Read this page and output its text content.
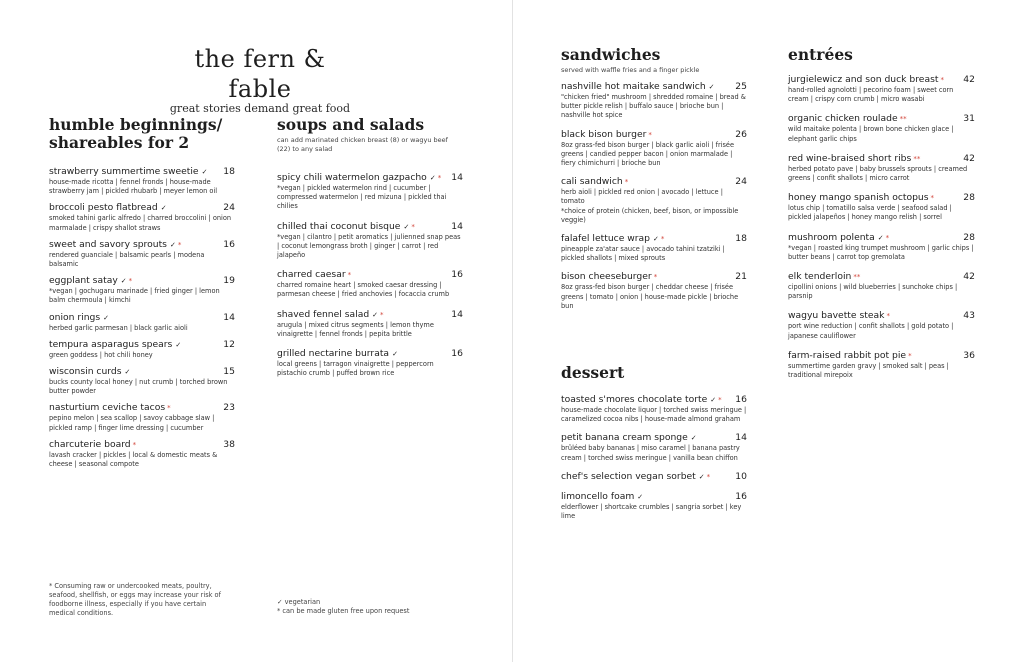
the fern & fable
great stories demand great food
humble beginnings/ shareables for 2
strawberry summertime sweetie ✓ 18
house-made ricotta | fennel fronds | house-made strawberry jam | pickled rhubarb | meyer lemon oil
broccoli pesto flatbread ✓	24
smoked tahini garlic alfredo | charred broccolini | onion marmalade | crispy shallot straws
sweet and savory sprouts ✓ *	16
rendered guanciale | balsamic pearls | modena balsamic
eggplant satay ✓ *	19
*vegan | gochugaru marinade | fried ginger | lemon balm chermoula | kimchi
onion rings ✓	14
herbed garlic parmesan | black garlic aioli
tempura asparagus spears ✓	12
green goddess | hot chili honey
wisconsin curds ✓	15
bucks county local honey | nut crumb | torched brown butter powder
nasturtium ceviche tacos *	23
pepino melon | sea scallop | savoy cabbage slaw | pickled ramp | finger lime dressing | cucumber
charcuterie board *	38
lavash cracker | pickles | local & domestic meats & cheese | seasonal compote
soups and salads
can add marinated chicken breast (8) or wagyu beef (22) to any salad
spicy chili watermelon gazpacho ✓ * 14
*vegan | pickled watermelon rind | cucumber | compressed watermelon | red mizuna | pickled thai chilies
chilled thai coconut bisque ✓ *	14
*vegan | cilantro | petit aromatics | julienned snap peas | coconut lemongrass broth | ginger | carrot | red jalapeño
charred caesar *	16
charred romaine heart | smoked caesar dressing | parmesan cheese | fried anchovies | focaccia crumb
shaved fennel salad ✓ *	14
arugula | mixed citrus segments | lemon thyme vinaigrette | fennel fronds | pepita brittle
grilled nectarine burrata ✓	16
local greens | tarragon vinaigrette | peppercorn pistachio crumb | puffed brown rice
sandwiches
served with waffle fries and a finger pickle
nashville hot maitake sandwich ✓ 25
"chicken fried" mushroom | shredded romaine | bread & butter pickle relish | buffalo sauce | brioche bun | nashville hot spice
black bison burger *	26
8oz grass-fed bison burger | black garlic aioli | frisée greens | candied pepper bacon | onion marmalade | fiery chimichurri | brioche bun
cali sandwich *	24
herb aioli | pickled red onion | avocado | lettuce | tomato
*choice of protein (chicken, beef, bison, or impossible veggie)
falafel lettuce wrap ✓ *	18
pineapple za'atar sauce | avocado tahini tzatziki | pickled shallots | mixed sprouts
bison cheeseburger *	21
8oz grass-fed bison burger | cheddar cheese | frisée greens | tomato | onion | house-made pickle | brioche bun
dessert
toasted s'mores chocolate torte ✓ * 16
house-made chocolate liquor | torched swiss meringue | caramelized cocoa nibs | house-made almond graham
petit banana cream sponge ✓	14
brûléed baby bananas | miso caramel | banana pastry cream | torched swiss meringue | vanilla bean chiffon
chef's selection vegan sorbet ✓ *	10
limoncello foam ✓	16
elderflower | shortcake crumbles | sangria sorbet | key lime
entrées
jurgielewicz and son duck breast * 42
hand-rolled agnolotti | pecorino foam | sweet corn cream | crispy corn crumb | micro wasabi
organic chicken roulade **	31
wild maitake polenta | brown bone chicken glace | elephant garlic chips
red wine-braised short ribs **	42
herbed potato pave | baby brussels sprouts | creamed greens | confit shallots | micro carrot
honey mango spanish octopus *	28
lotus chip | tomatillo salsa verde | seafood salad | pickled jalapeños | honey mango relish | sorrel
mushroom polenta ✓ *	28
*vegan | roasted king trumpet mushroom | garlic chips | butter beans | carrot top gremolata
elk tenderloin **	42
cipollini onions | wild blueberries | sunchoke chips | parsnip
wagyu bavette steak *	43
port wine reduction | confit shallots | gold potato | japanese cauliflower
farm-raised rabbit pot pie *	36
summertime garden gravy | smoked salt | peas | traditional mirepoix
* Consuming raw or undercooked meats, poultry, seafood, shellfish, or eggs may increase your risk of foodborne illness, especially if you have certain medical conditions.
✓ vegetarian
* can be made gluten free upon request
